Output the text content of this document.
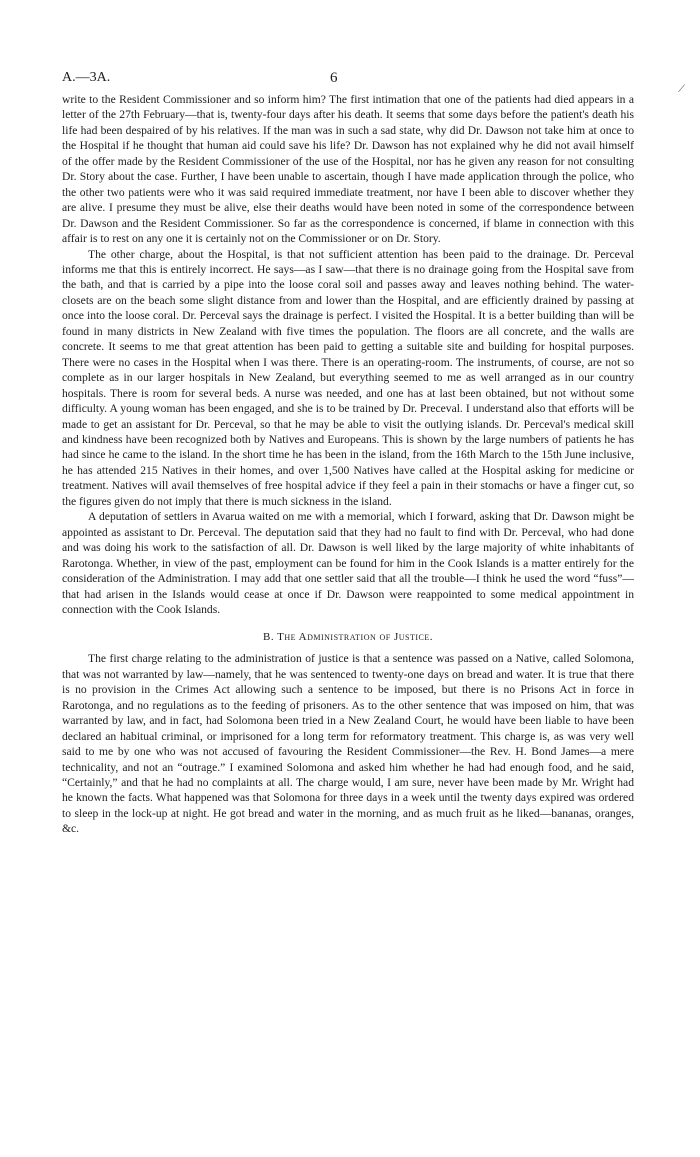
⟋
A.—3A.	6

write to the Resident Commissioner and so inform him? The first intimation that one of the patients had died appears in a letter of the 27th February—that is, twenty-four days after his death. It seems that some days before the patient's death his life had been despaired of by his relatives. If the man was in such a sad state, why did Dr. Dawson not take him at once to the Hospital if he thought that human aid could save his life? Dr. Dawson has not explained why he did not avail himself of the offer made by the Resident Commissioner of the use of the Hospital, nor has he given any reason for not consulting Dr. Story about the case. Further, I have been unable to ascertain, though I have made application through the police, who the other two patients were who it was said required immediate treatment, nor have I been able to discover whether they are alive. I presume they must be alive, else their deaths would have been noted in some of the correspondence between Dr. Dawson and the Resident Commissioner. So far as the correspondence is concerned, if blame in connection with this affair is to rest on any one it is certainly not on the Commissioner or on Dr. Story.

The other charge, about the Hospital, is that not sufficient attention has been paid to the drainage. Dr. Perceval informs me that this is entirely incorrect. He says—as I saw—that there is no drainage going from the Hospital save from the bath, and that is carried by a pipe into the loose coral soil and passes away and leaves nothing behind. The water-closets are on the beach some slight distance from and lower than the Hospital, and are efficiently drained by passing at once into the loose coral. Dr. Perceval says the drainage is perfect. I visited the Hospital. It is a better building than will be found in many districts in New Zealand with five times the population. The floors are all concrete, and the walls are concrete. It seems to me that great attention has been paid to getting a suitable site and building for hospital purposes. There were no cases in the Hospital when I was there. There is an operating-room. The instruments, of course, are not so complete as in our larger hospitals in New Zealand, but everything seemed to me as well arranged as in our country hospitals. There is room for several beds. A nurse was needed, and one has at last been obtained, but not without some difficulty. A young woman has been engaged, and she is to be trained by Dr. Preceval. I understand also that efforts will be made to get an assistant for Dr. Perceval, so that he may be able to visit the outlying islands. Dr. Perceval's medical skill and kindness have been recognized both by Natives and Europeans. This is shown by the large numbers of patients he has had since he came to the island. In the short time he has been in the island, from the 16th March to the 15th June inclusive, he has attended 215 Natives in their homes, and over 1,500 Natives have called at the Hospital asking for medicine or treatment. Natives will avail themselves of free hospital advice if they feel a pain in their stomachs or have a finger cut, so the figures given do not imply that there is much sickness in the island.

A deputation of settlers in Avarua waited on me with a memorial, which I forward, asking that Dr. Dawson might be appointed as assistant to Dr. Perceval. The deputation said that they had no fault to find with Dr. Perceval, who had done and was doing his work to the satisfaction of all. Dr. Dawson is well liked by the large majority of white inhabitants of Rarotonga. Whether, in view of the past, employment can be found for him in the Cook Islands is a matter entirely for the consideration of the Administration. I may add that one settler said that all the trouble—I think he used the word “fuss”—that had arisen in the Islands would cease at once if Dr. Dawson were reappointed to some medical appointment in connection with the Cook Islands.

B. The Administration of Justice.

The first charge relating to the administration of justice is that a sentence was passed on a Native, called Solomona, that was not warranted by law—namely, that he was sentenced to twenty-one days on bread and water. It is true that there is no provision in the Crimes Act allowing such a sentence to be imposed, but there is no Prisons Act in force in Rarotonga, and no regulations as to the feeding of prisoners. As to the other sentence that was imposed on him, that was warranted by law, and in fact, had Solomona been tried in a New Zealand Court, he would have been liable to have been declared an habitual criminal, or imprisoned for a long term for reformatory treatment. This charge is, as was very well said to me by one who was not accused of favouring the Resident Commissioner—the Rev. H. Bond James—a mere technicality, and not an “outrage.” I examined Solomona and asked him whether he had had enough food, and he said, “Certainly,” and that he had no complaints at all. The charge would, I am sure, never have been made by Mr. Wright had he known the facts. What happened was that Solomona for three days in a week until the twenty days expired was ordered to sleep in the lock-up at night. He got bread and water in the morning, and as much fruit as he liked—bananas, oranges, &c.
